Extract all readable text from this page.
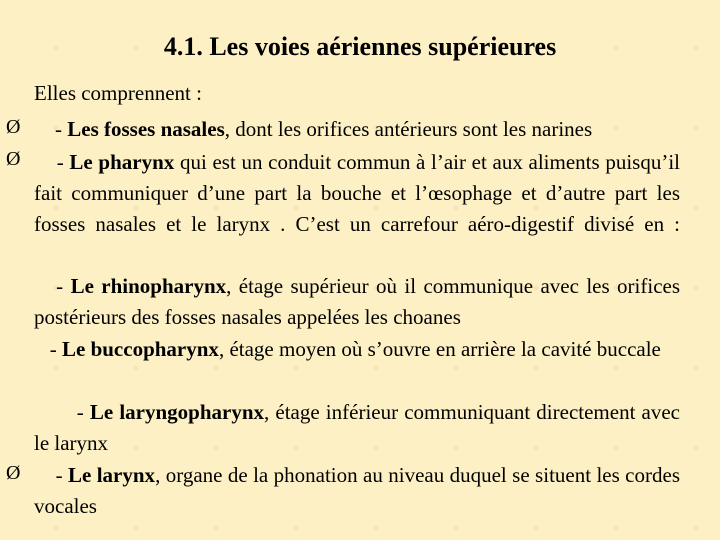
4.1. Les voies aériennes supérieures
Elles comprennent :
Ø	- Les fosses nasales, dont les orifices antérieurs sont les narines
Ø	- Le pharynx qui est un conduit commun à l’air et aux aliments puisqu’il fait communiquer d’une part la bouche et l’œsophage et d’autre part les fosses nasales et le larynx . C’est un carrefour aéro-digestif divisé en :
- Le rhinopharynx, étage supérieur où il communique avec les orifices postérieurs des fosses nasales appelées les choanes
- Le buccopharynx, étage moyen où s’ouvre en arrière la cavité buccale
- Le laryngopharynx, étage inférieur communiquant directement avec le larynx
Ø	- Le larynx, organe de la phonation au niveau duquel se situent les cordes vocales
